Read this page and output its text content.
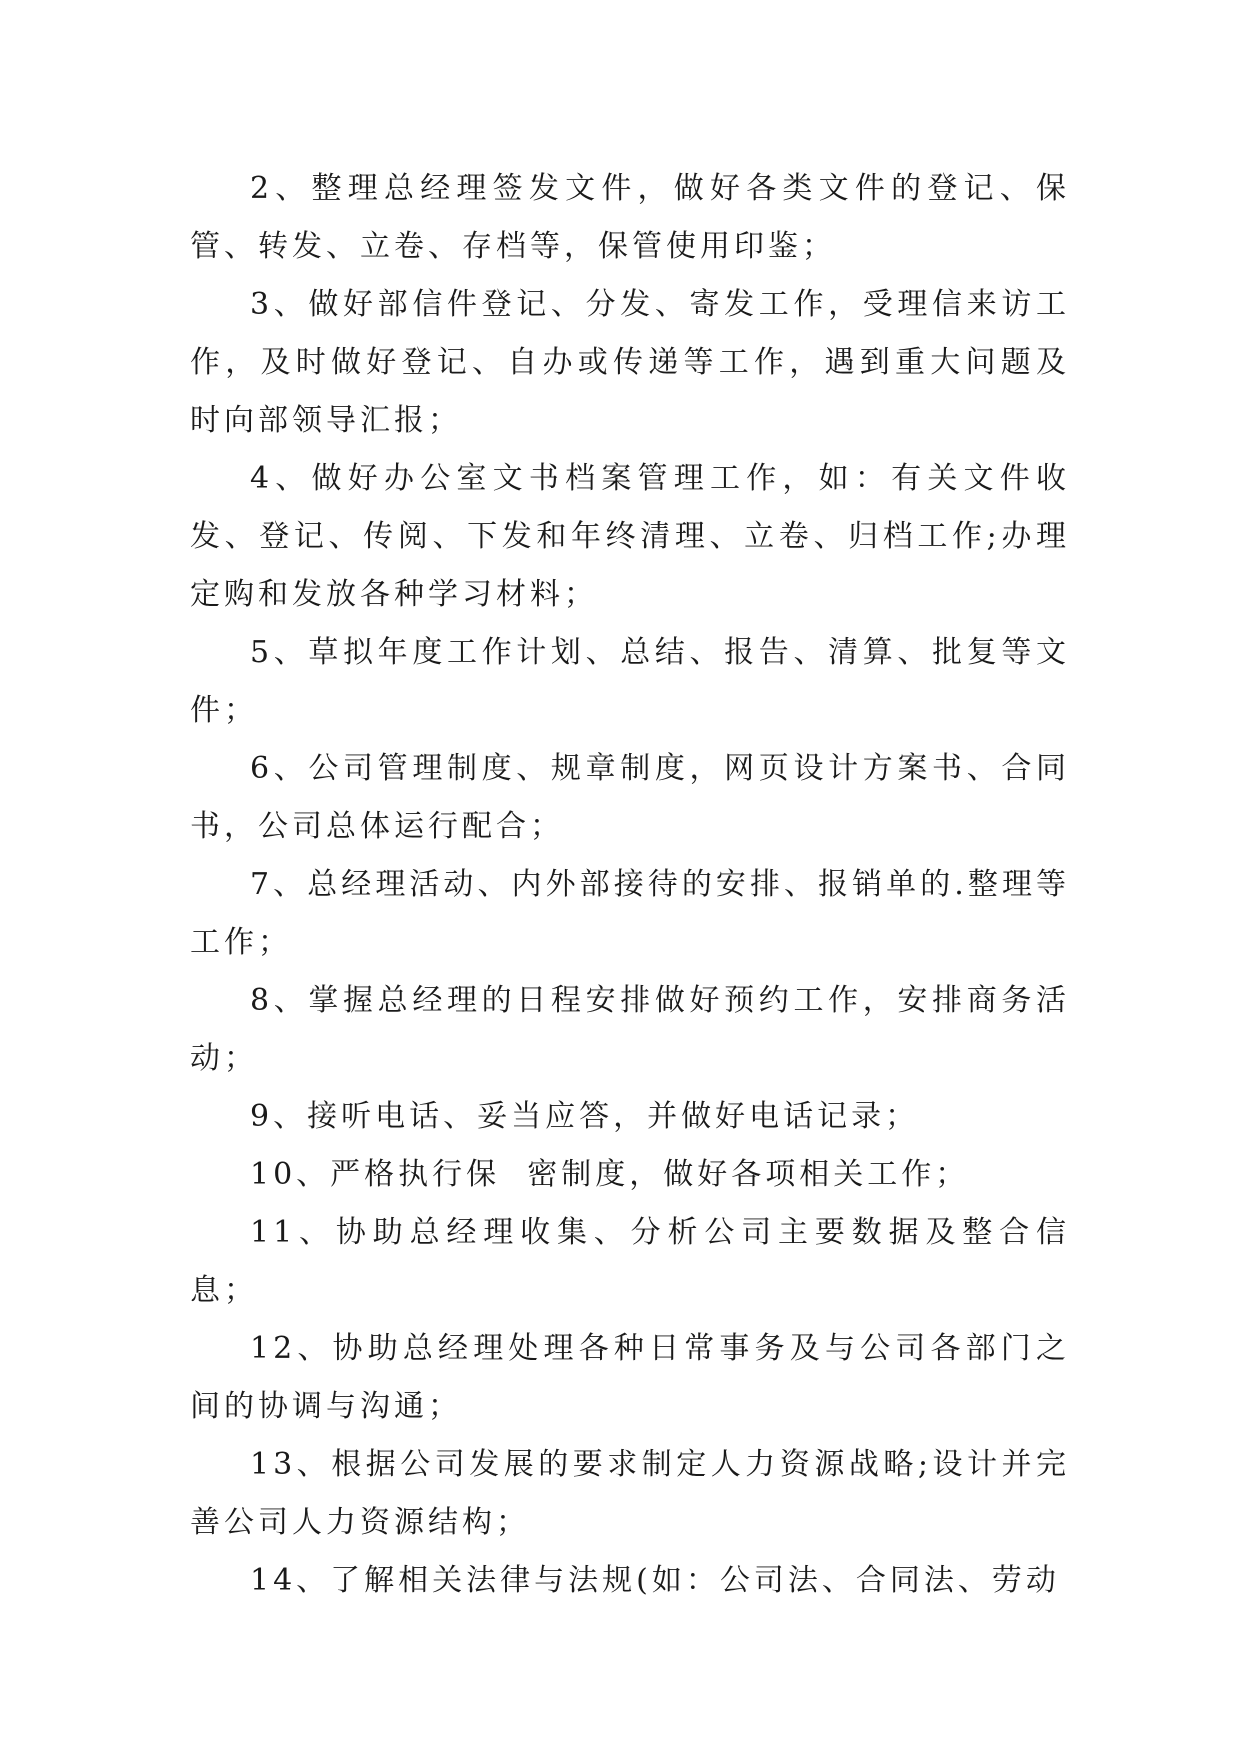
2、整理总经理签发文件，做好各类文件的登记、保管、转发、立卷、存档等，保管使用印鉴；

3、做好部信件登记、分发、寄发工作，受理信来访工作，及时做好登记、自办或传递等工作，遇到重大问题及时向部领导汇报；

4、做好办公室文书档案管理工作，如：有关文件收发、登记、传阅、下发和年终清理、立卷、归档工作;办理定购和发放各种学习材料；

5、草拟年度工作计划、总结、报告、清算、批复等文件；

6、公司管理制度、规章制度，网页设计方案书、合同书，公司总体运行配合；

7、总经理活动、内外部接待的安排、报销单的.整理等工作；

8、掌握总经理的日程安排做好预约工作，安排商务活动；

9、接听电话、妥当应答，并做好电话记录；

10、严格执行保  密制度，做好各项相关工作；

11、协助总经理收集、分析公司主要数据及整合信息；

12、协助总经理处理各种日常事务及与公司各部门之间的协调与沟通；

13、根据公司发展的要求制定人力资源战略;设计并完善公司人力资源结构；

14、了解相关法律与法规(如：公司法、合同法、劳动
